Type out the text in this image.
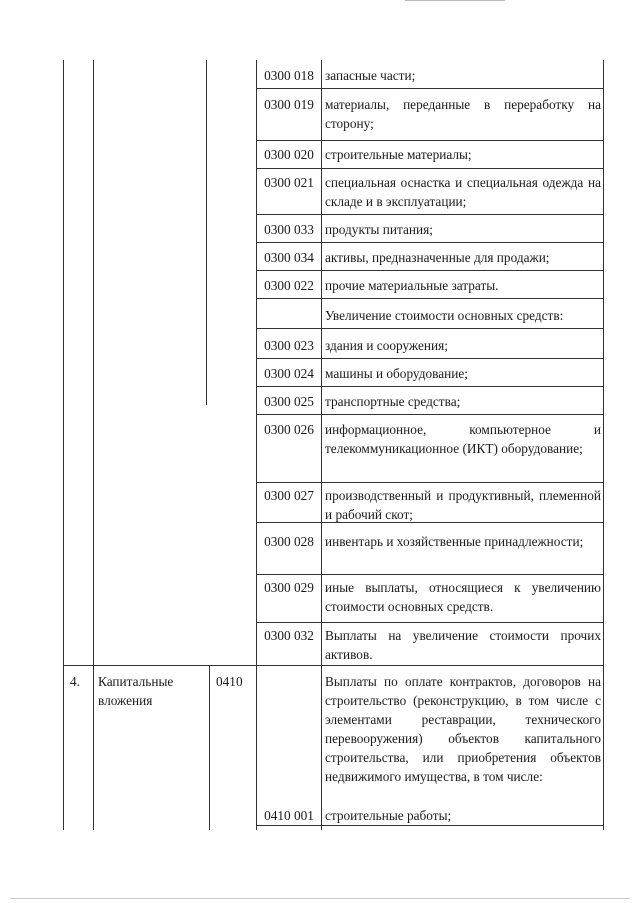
0300 018 запасные части;
0300 019 материалы, переданные в переработку на сторону;
0300 020 строительные материалы;
0300 021 специальная оснастка и специальная одежда на складе и в эксплуатации;
0300 033 продукты питания;
0300 034 активы, предназначенные для продажи;
0300 022 прочие материальные затраты.
Увеличение стоимости основных средств:
0300 023 здания и сооружения;
0300 024 машины и оборудование;
0300 025 транспортные средства;
0300 026 информационное, компьютерное и телекоммуникационное (ИКТ) оборудование;
0300 027 производственный и продуктивный, племенной и рабочий скот;
0300 028 инвентарь и хозяйственные принадлежности;
0300 029 иные выплаты, относящиеся к увеличению стоимости основных средств.
0300 032 Выплаты на увеличение стоимости прочих активов.
4.	Капитальные вложения
0410	Выплаты по оплате контрактов, договоров на строительство (реконструкцию, в том числе с элементами реставрации, технического перевооружения) объектов капитального строительства, или приобретения объектов недвижимого имущества, в том числе:
0410 001 строительные работы;
